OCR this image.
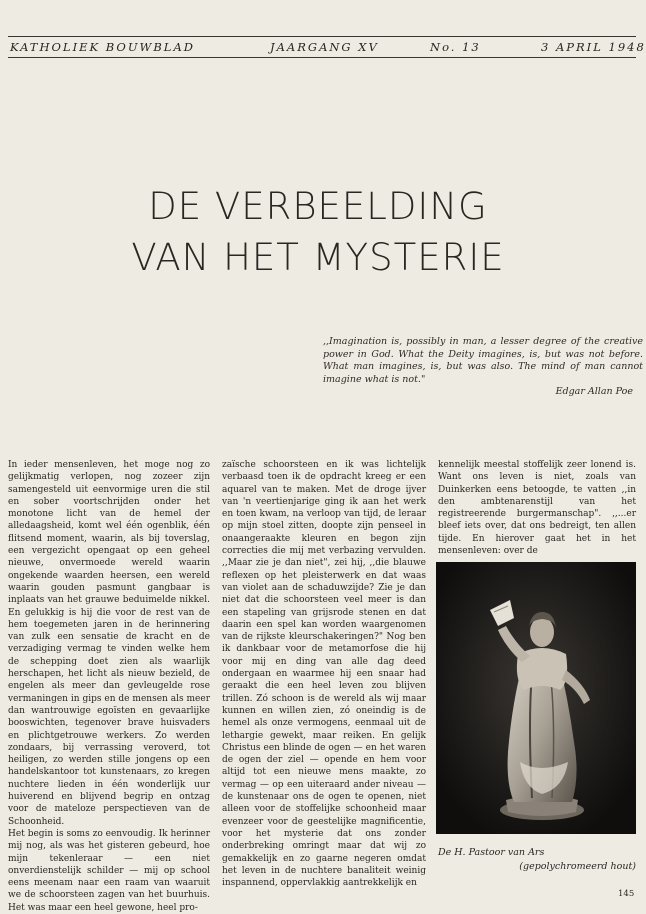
KATHOLIEK BOUWBLAD	JAARGANG XV	No. 13	3 APRIL 1948
DE VERBEELDING
VAN HET MYSTERIE
,,Imagination is, possibly in man, a lesser degree of the creative power in God. What the Deity imagines, is, but was not before. What man imagines, is, but was also. The mind of man cannot imagine what is not."
Edgar Allan Poe

In ieder mensenleven, het moge nog zo gelijkmatig verlopen, nog zozeer zijn samengesteld uit eenvormige uren die stil en sober voortschrijden onder het monotone licht van de hemel der alledaagsheid, komt wel één ogenblik, één flitsend moment, waarin, als bij toverslag, een vergezicht opengaat op een geheel nieuwe, onvermoede wereld waarin ongekende waarden heersen, een wereld waarin gouden pasmunt gangbaar is inplaats van het grauwe beduimelde nikkel. En gelukkig is hij die voor de rest van de hem toegemeten jaren in de herinnering van zulk een sensatie de kracht en de verzadiging vermag te vinden welke hem de schepping doet zien als waarlijk herschapen, het licht als nieuw bezield, de engelen als meer dan gevleugelde rose vermaningen in gips en de mensen als meer dan wantrouwige egoïsten en gevaarlijke booswichten, tegenover brave huisvaders en plichtgetrouwe werkers. Zo werden zondaars, bij verrassing veroverd, tot heiligen, zo werden stille jongens op een handelskantoor tot kunstenaars, zo kregen nuchtere lieden in één wonderlijk uur huiverend en blijvend begrip en ontzag voor de mateloze perspectieven van de Schoonheid.

Het begin is soms zo eenvoudig. Ik herinner mij nog, als was het gisteren gebeurd, hoe mijn tekenleraar — een niet onverdienstelijk schilder — mij op school eens meenam naar een raam van waaruit we de schoorsteen zagen van het buurhuis. Het was maar een heel gewone, heel pro-

zaïsche schoorsteen en ik was lichtelijk verbaasd toen ik de opdracht kreeg er een aquarel van te maken. Met de droge ijver van 'n veertienjarige ging ik aan het werk en toen kwam, na verloop van tijd, de leraar op mijn stoel zitten, doopte zijn penseel in onaangeraakte kleuren en begon zijn correcties die mij met verbazing vervulden. ,,Maar zie je dan niet", zei hij, ,,die blauwe reflexen op het pleisterwerk en dat waas van violet aan de schaduwzijde? Zie je dan niet dat die schoorsteen veel meer is dan een stapeling van grijsrode stenen en dat daarin een spel kan worden waargenomen van de rijkste kleurschakeringen?" Nog ben ik dankbaar voor de metamorfose die hij voor mij en ding van alle dag deed ondergaan en waarmee hij een snaar had geraakt die een heel leven zou blijven trillen. Zó schoon is de wereld als wij maar kunnen en willen zien, zó oneindig is de hemel als onze vermogens, eenmaal uit de lethargie gewekt, maar reiken. En gelijk Christus een blinde de ogen — en het waren de ogen der ziel — opende en hem voor altijd tot een nieuwe mens maakte, zo vermag — op een uiteraard ander niveau — de kunstenaar ons de ogen te openen, niet alleen voor de stoffelijke schoonheid maar evenzeer voor de geestelijke magnificentie, voor het mysterie dat ons zonder onderbreking omringt maar dat wij zo gemakkelijk en zo gaarne negeren omdat het leven in de nuchtere banaliteit weinig inspannend, oppervlakkig aantrekkelijk en

kennelijk meestal stoffelijk zeer lonend is. Want ons leven is niet, zoals van Duinkerken eens betoogde, te vatten ,,in den ambtenarenstijl van het registreerende burgermanschap". ,,...er bleef iets over, dat ons bedreigt, ten allen tijde. En hierover gaat het in het mensenleven: over de

De H. Pastoor van Ars
(gepolychromeerd hout)
145
